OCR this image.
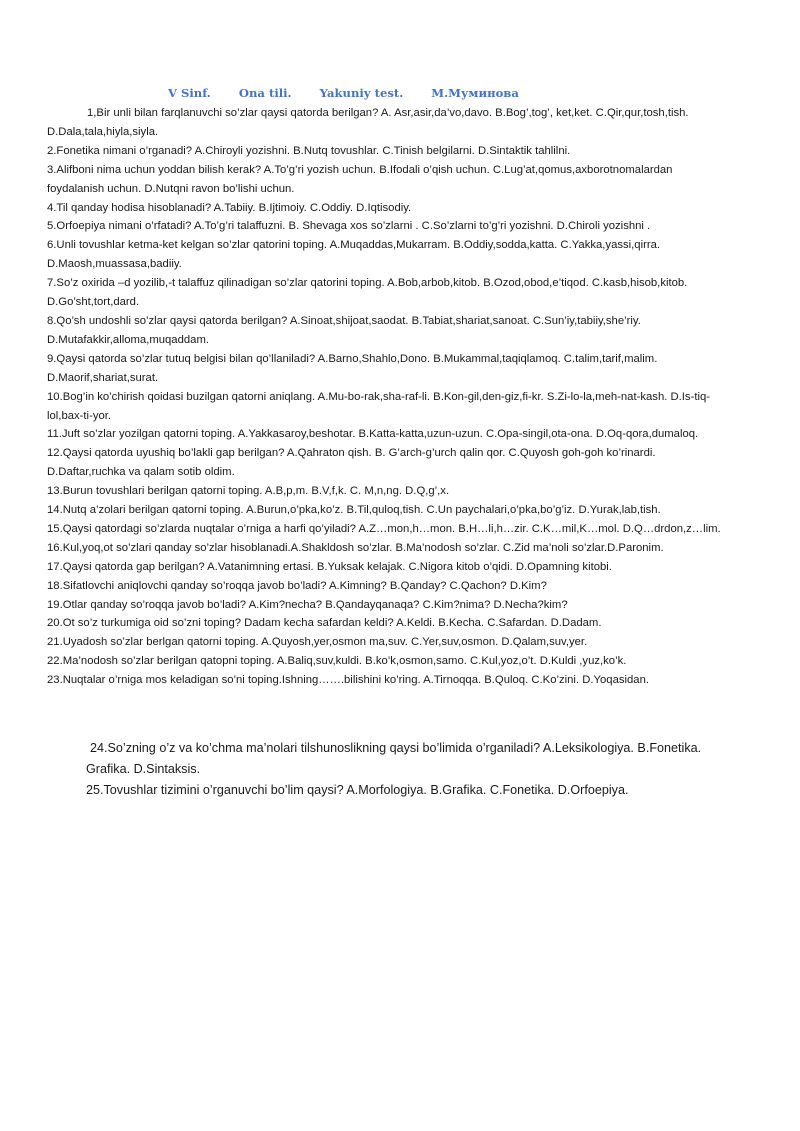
V Sinf. Ona tili. Yakuniy test. M.Муминова

1,Bir unli bilan farqlanuvchi so’zlar qaysi qatorda berilgan? A. Asr,asir,da’vo,davo. B.Bog’,tog’, ket,ket. C.Qir,qur,tosh,tish. D.Dala,tala,hiyla,siyla.

2.Fonetika nimani o’rganadi? A.Chiroyli yozishni. B.Nutq tovushlar. C.Tinish belgilarni. D.Sintaktik tahlilni.

3.Alifboni nima uchun yoddan bilish kerak? A.To’g’ri yozish uchun. B.Ifodali o’qish uchun. C.Lug’at,qomus,axborotnomalardan foydalanish uchun. D.Nutqni ravon bo’lishi uchun.

4.Til qanday hodisa hisoblanadi? A.Tabiiy. B.Ijtimoiy. C.Oddiy. D.Iqtisodiy.

5.Orfoepiya nimani o’rfatadi? A.To’g’ri talaffuzni. B. Shevaga xos so’zlarni . C.So’zlarni to’g’ri yozishni. D.Chiroli yozishni .

6.Unli tovushlar ketma-ket kelgan so’zlar qatorini toping. A.Muqaddas,Mukarram. B.Oddiy,sodda,katta. C.Yakka,yassi,qirra. D.Maosh,muassasa,badiiy.

7.So’z oxirida –d yozilib,-t talaffuz qilinadigan so’zlar qatorini toping. A.Bob,arbob,kitob. B.Ozod,obod,e’tiqod. C.kasb,hisob,kitob. D.Go’sht,tort,dard.

8.Qo’sh undoshli so’zlar qaysi qatorda berilgan? A.Sinoat,shijoat,saodat. B.Tabiat,shariat,sanoat. C.Sun’iy,tabiiy,she’riy. D.Mutafakkir,alloma,muqaddam.

9.Qaysi qatorda so’zlar tutuq belgisi bilan qo’llaniladi? A.Barno,Shahlo,Dono. B.Mukammal,taqiqlamoq. C.talim,tarif,malim. D.Maorif,shariat,surat.

10.Bog’in ko’chirish qoidasi buzilgan qatorni aniqlang. A.Mu-bo-rak,sha-raf-li. B.Kon-gil,den-giz,fi-kr. S.Zi-lo-la,meh-nat-kash. D.Is-tiq-lol,bax-ti-yor.

11.Juft so’zlar yozilgan qatorni toping. A.Yakkasaroy,beshotar. B.Katta-katta,uzun-uzun. C.Opa-singil,ota-ona. D.Oq-qora,dumaloq.

12.Qaysi qatorda uyushiq bo’lakli gap berilgan? A.Qahraton qish. B. G’arch-g’urch qalin qor. C.Quyosh goh-goh ko’rinardi. D.Daftar,ruchka va qalam sotib oldim.

13.Burun tovushlari berilgan qatorni toping. A.B,p,m. B.V,f,k. C. M,n,ng. D.Q,g’,x.

14.Nutq a’zolari berilgan qatorni toping. A.Burun,o’pka,ko’z. B.Til,quloq,tish. C.Un paychalari,o’pka,bo’g’iz. D.Yurak,lab,tish.

15.Qaysi qatordagi so’zlarda nuqtalar o’rniga a harfi qo’yiladi? A.Z…mon,h…mon. B.H…li,h…zir. C.K…mil,K…mol. D.Q…drdon,z…lim.

16.Kul,yoq,ot so’zlari qanday so’zlar hisoblanadi.A.Shakldosh so’zlar. B.Ma’nodosh so’zlar. C.Zid ma’noli so’zlar.D.Paronim.

17.Qaysi qatorda gap berilgan? A.Vatanimning ertasi. B.Yuksak kelajak. C.Nigora kitob o’qidi. D.Opamning kitobi.

18.Sifatlovchi aniqlovchi qanday so’roqqa javob bo’ladi? A.Kimning? B.Qanday? C.Qachon? D.Kim?

19.Otlar qanday so’roqqa javob bo’ladi? A.Kim?necha? B.Qandayqanaqa? C.Kim?nima? D.Necha?kim?

20.Ot so’z turkumiga oid so’zni toping? Dadam kecha safardan keldi? A.Keldi. B.Kecha. C.Safardan. D.Dadam.

21.Uyadosh so’zlar berlgan qatorni toping. A.Quyosh,yer,osmon ma,suv. C.Yer,suv,osmon. D.Qalam,suv,yer.

22.Ma’nodosh so’zlar berilgan qatopni toping. A.Baliq,suv,kuldi. B.ko’k,osmon,samo. C.Kul,yoz,o’t. D.Kuldi ,yuz,ko’k.

23.Nuqtalar o’rniga mos keladigan so’ni toping.Ishning…….bilishini ko’ring. A.Tirnoqqa. B.Quloq. C.Ko’zini. D.Yoqasidan.

24.So’zning o’z va ko’chma ma’nolari tilshunoslikning qaysi bo’limida o’rganiladi? A.Leksikologiya. B.Fonetika. Grafika. D.Sintaksis.

25.Tovushlar tizimini o’rganuvchi bo’lim qaysi? A.Morfologiya. B.Grafika. C.Fonetika. D.Orfoepiya.
